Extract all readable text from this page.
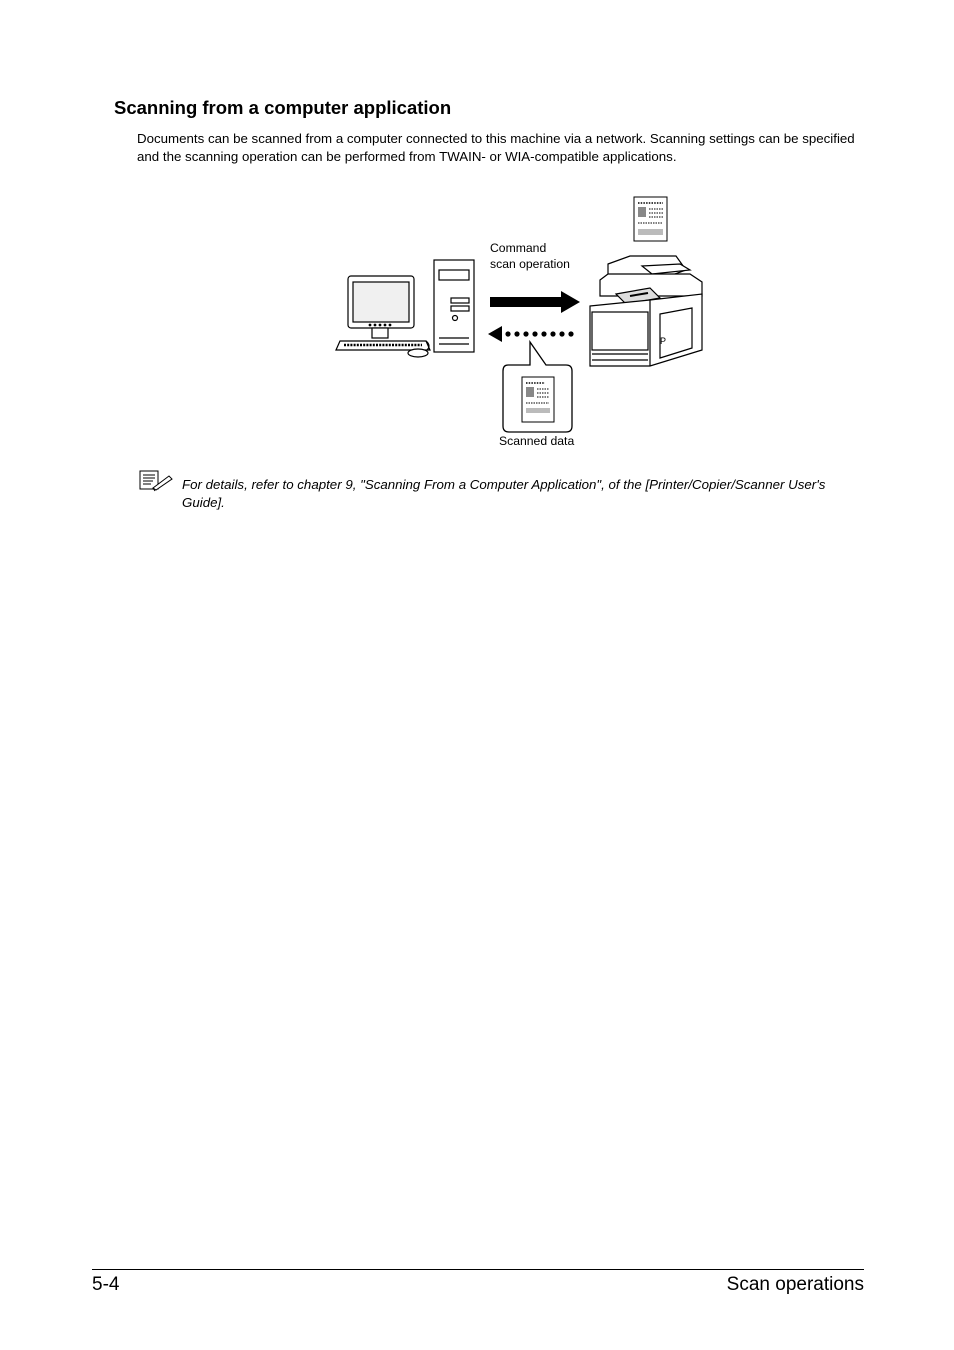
Scanning from a computer application

Documents can be scanned from a computer connected to this machine via a network. Scanning settings can be specified and the scanning operation can be performed from TWAIN- or WIA-compatible applications.

P
Command
scan operation
Scanned data

For details, refer to chapter 9, "Scanning From a Computer Application", of the [Printer/Copier/Scanner User's Guide].

5-4	Scan operations
